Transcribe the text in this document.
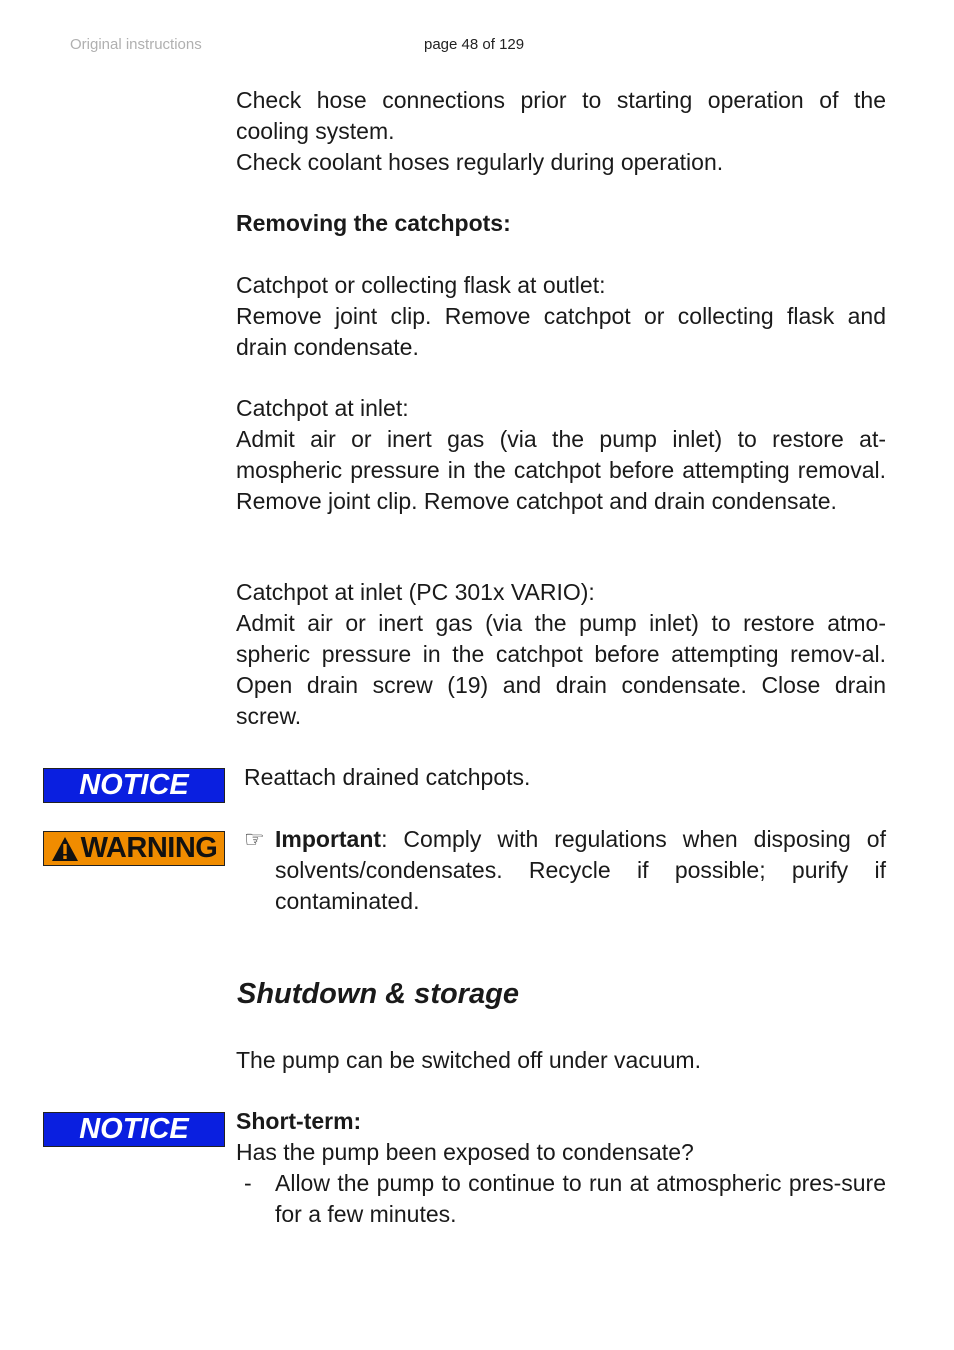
Original instructions	page 48 of 129

Check hose connections prior to starting operation of the cooling system.

Check coolant hoses regularly during operation.

Removing the catchpots:

Catchpot or collecting flask at outlet:

Remove joint clip. Remove catchpot or collecting flask and drain condensate.

Catchpot at inlet:

Admit air or inert gas (via the pump inlet) to restore at-mospheric pressure in the catchpot before attempting removal. Remove joint clip. Remove catchpot and drain condensate.

Catchpot at inlet (PC 301x VARIO):

Admit air or inert gas (via the pump inlet) to restore atmo-spheric pressure in the catchpot before attempting remov-al. Open drain screw (19) and drain condensate. Close drain screw.

NOTICE Reattach drained catchpots.
WARNING ☞ Important: Comply with regulations when disposing of solvents/condensates. Recycle if possible; purify if contaminated.
Shutdown & storage
The pump can be switched off under vacuum.
NOTICE Short-term:

Has the pump been exposed to condensate?

-	Allow the pump to continue to run at atmospheric pres-sure for a few minutes.
